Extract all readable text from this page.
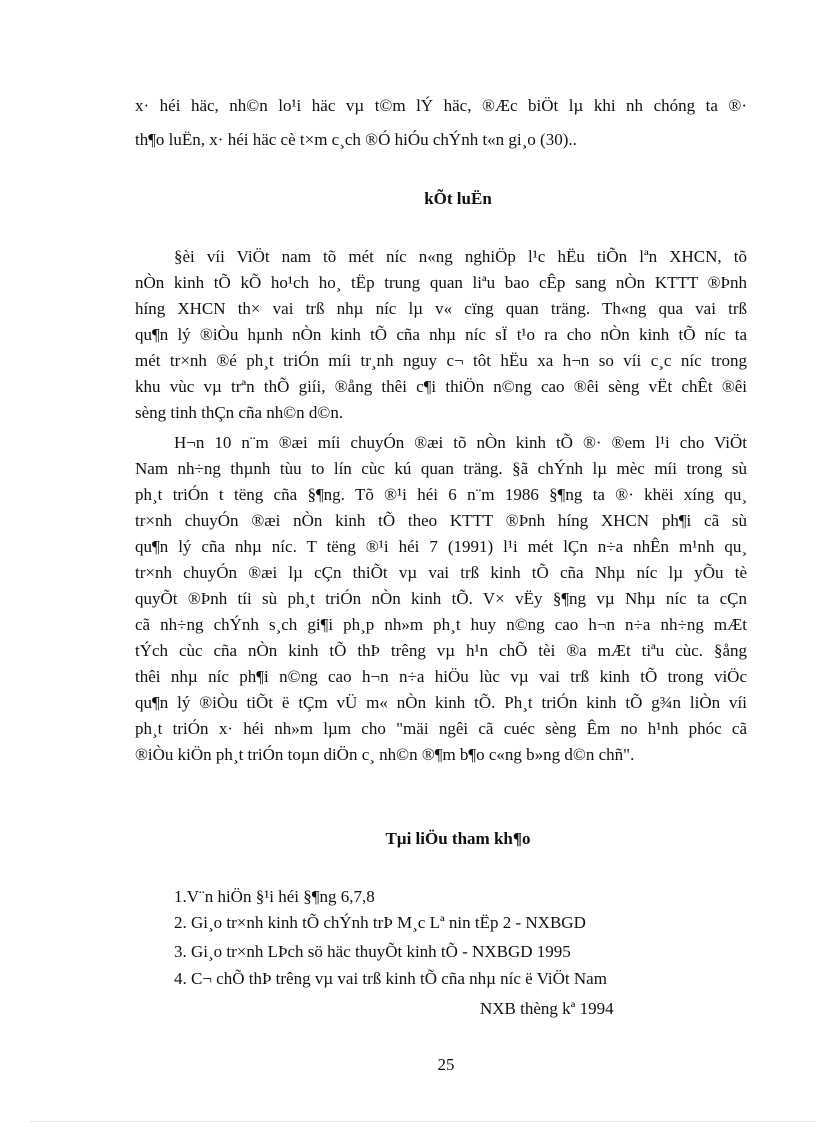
x· héi häc, nh©n lo¹i häc vµ t©m lÝ häc, ®Æc biÖt lµ khi nh chóng ta ®·
th¶o luËn, x· héi häc cè t×m c¸ch ®Ó hiÓu chÝnh t«n gi¸o (30)..
kÕt luËn
§èi víi ViÖt nam tõ mét níc n«ng nghiÖp l¹c hËu tiÕn lªn XHCN, tõ
nÒn kinh tÕ kÕ ho¹ch ho¸ tËp trung quan liªu bao cÊp sang nÒn KTTT ®Þnh
híng XHCN th× vai trß nhµ níc lµ v« cïng quan träng. Th«ng qua vai trß
qu¶n lý ®iÒu hµnh nÒn kinh tÕ cña nhµ níc sÏ t¹o ra cho nÒn kinh tÕ níc ta
mét tr×nh ®é ph¸t triÓn míi tr¸nh nguy c¬ tôt hËu xa h¬n so víi c¸c níc trong
khu vùc vµ trªn thÕ giíi, ®ång thêi c¶i thiÖn n©ng cao ®êi sèng vËt chÊt ®êi
sèng tinh thÇn cña nh©n d©n.
H¬n 10 n¨m ®æi míi chuyÓn ®æi tõ nÒn kinh tÕ ®· ®em l¹i cho ViÖt
Nam nh÷ng thµnh tùu to lín cùc kú quan träng. §ã chÝnh lµ mèc míi trong sù
ph¸t triÓn t tëng cña §¶ng. Tõ ®¹i héi 6 n¨m 1986 §¶ng ta ®· khëi xíng qu¸
tr×nh chuyÓn ®æi nÒn kinh tÕ theo KTTT ®Þnh híng XHCN ph¶i cã sù
qu¶n lý cña nhµ níc. T tëng ®¹i héi 7 (1991) l¹i mét lÇn n÷a nhÊn m¹nh qu¸
tr×nh chuyÓn ®æi lµ cÇn thiÕt vµ vai trß kinh tÕ cña Nhµ níc lµ yÕu tè
quyÕt ®Þnh tíi sù ph¸t triÓn nÒn kinh tÕ. V× vËy §¶ng vµ Nhµ níc ta cÇn
cã nh÷ng chÝnh s¸ch gi¶i ph¸p nh»m ph¸t huy n©ng cao h¬n n÷a nh÷ng mÆt
tÝch cùc cña nÒn kinh tÕ thÞ trêng vµ h¹n chÕ tèi ®a mÆt tiªu cùc. §ång
thêi nhµ níc ph¶i n©ng cao h¬n n÷a hiÖu lùc vµ vai trß kinh tÕ trong viÖc
qu¶n lý ®iÒu tiÕt ë tÇm vÜ m« nÒn kinh tÕ. Ph¸t triÓn kinh tÕ g¾n liÒn víi
ph¸t triÓn x· héi nh»m lµm cho "mäi ngêi cã cuéc sèng Êm no h¹nh phóc cã
®iÒu kiÖn ph¸t triÓn toµn diÖn c¸ nh©n ®¶m b¶o c«ng b»ng d©n chñ".
Tµi liÖu tham kh¶o
1.V¨n hiÖn §¹i héi §¶ng 6,7,8
2. Gi¸o tr×nh kinh tÕ chÝnh trÞ M¸c Lª nin tËp 2 - NXBGD
3. Gi¸o tr×nh LÞch sö häc thuyÕt kinh tÕ - NXBGD 1995
4. C¬ chÕ thÞ trêng vµ vai trß kinh tÕ cña nhµ níc ë ViÖt Nam
NXB thèng kª 1994
25
